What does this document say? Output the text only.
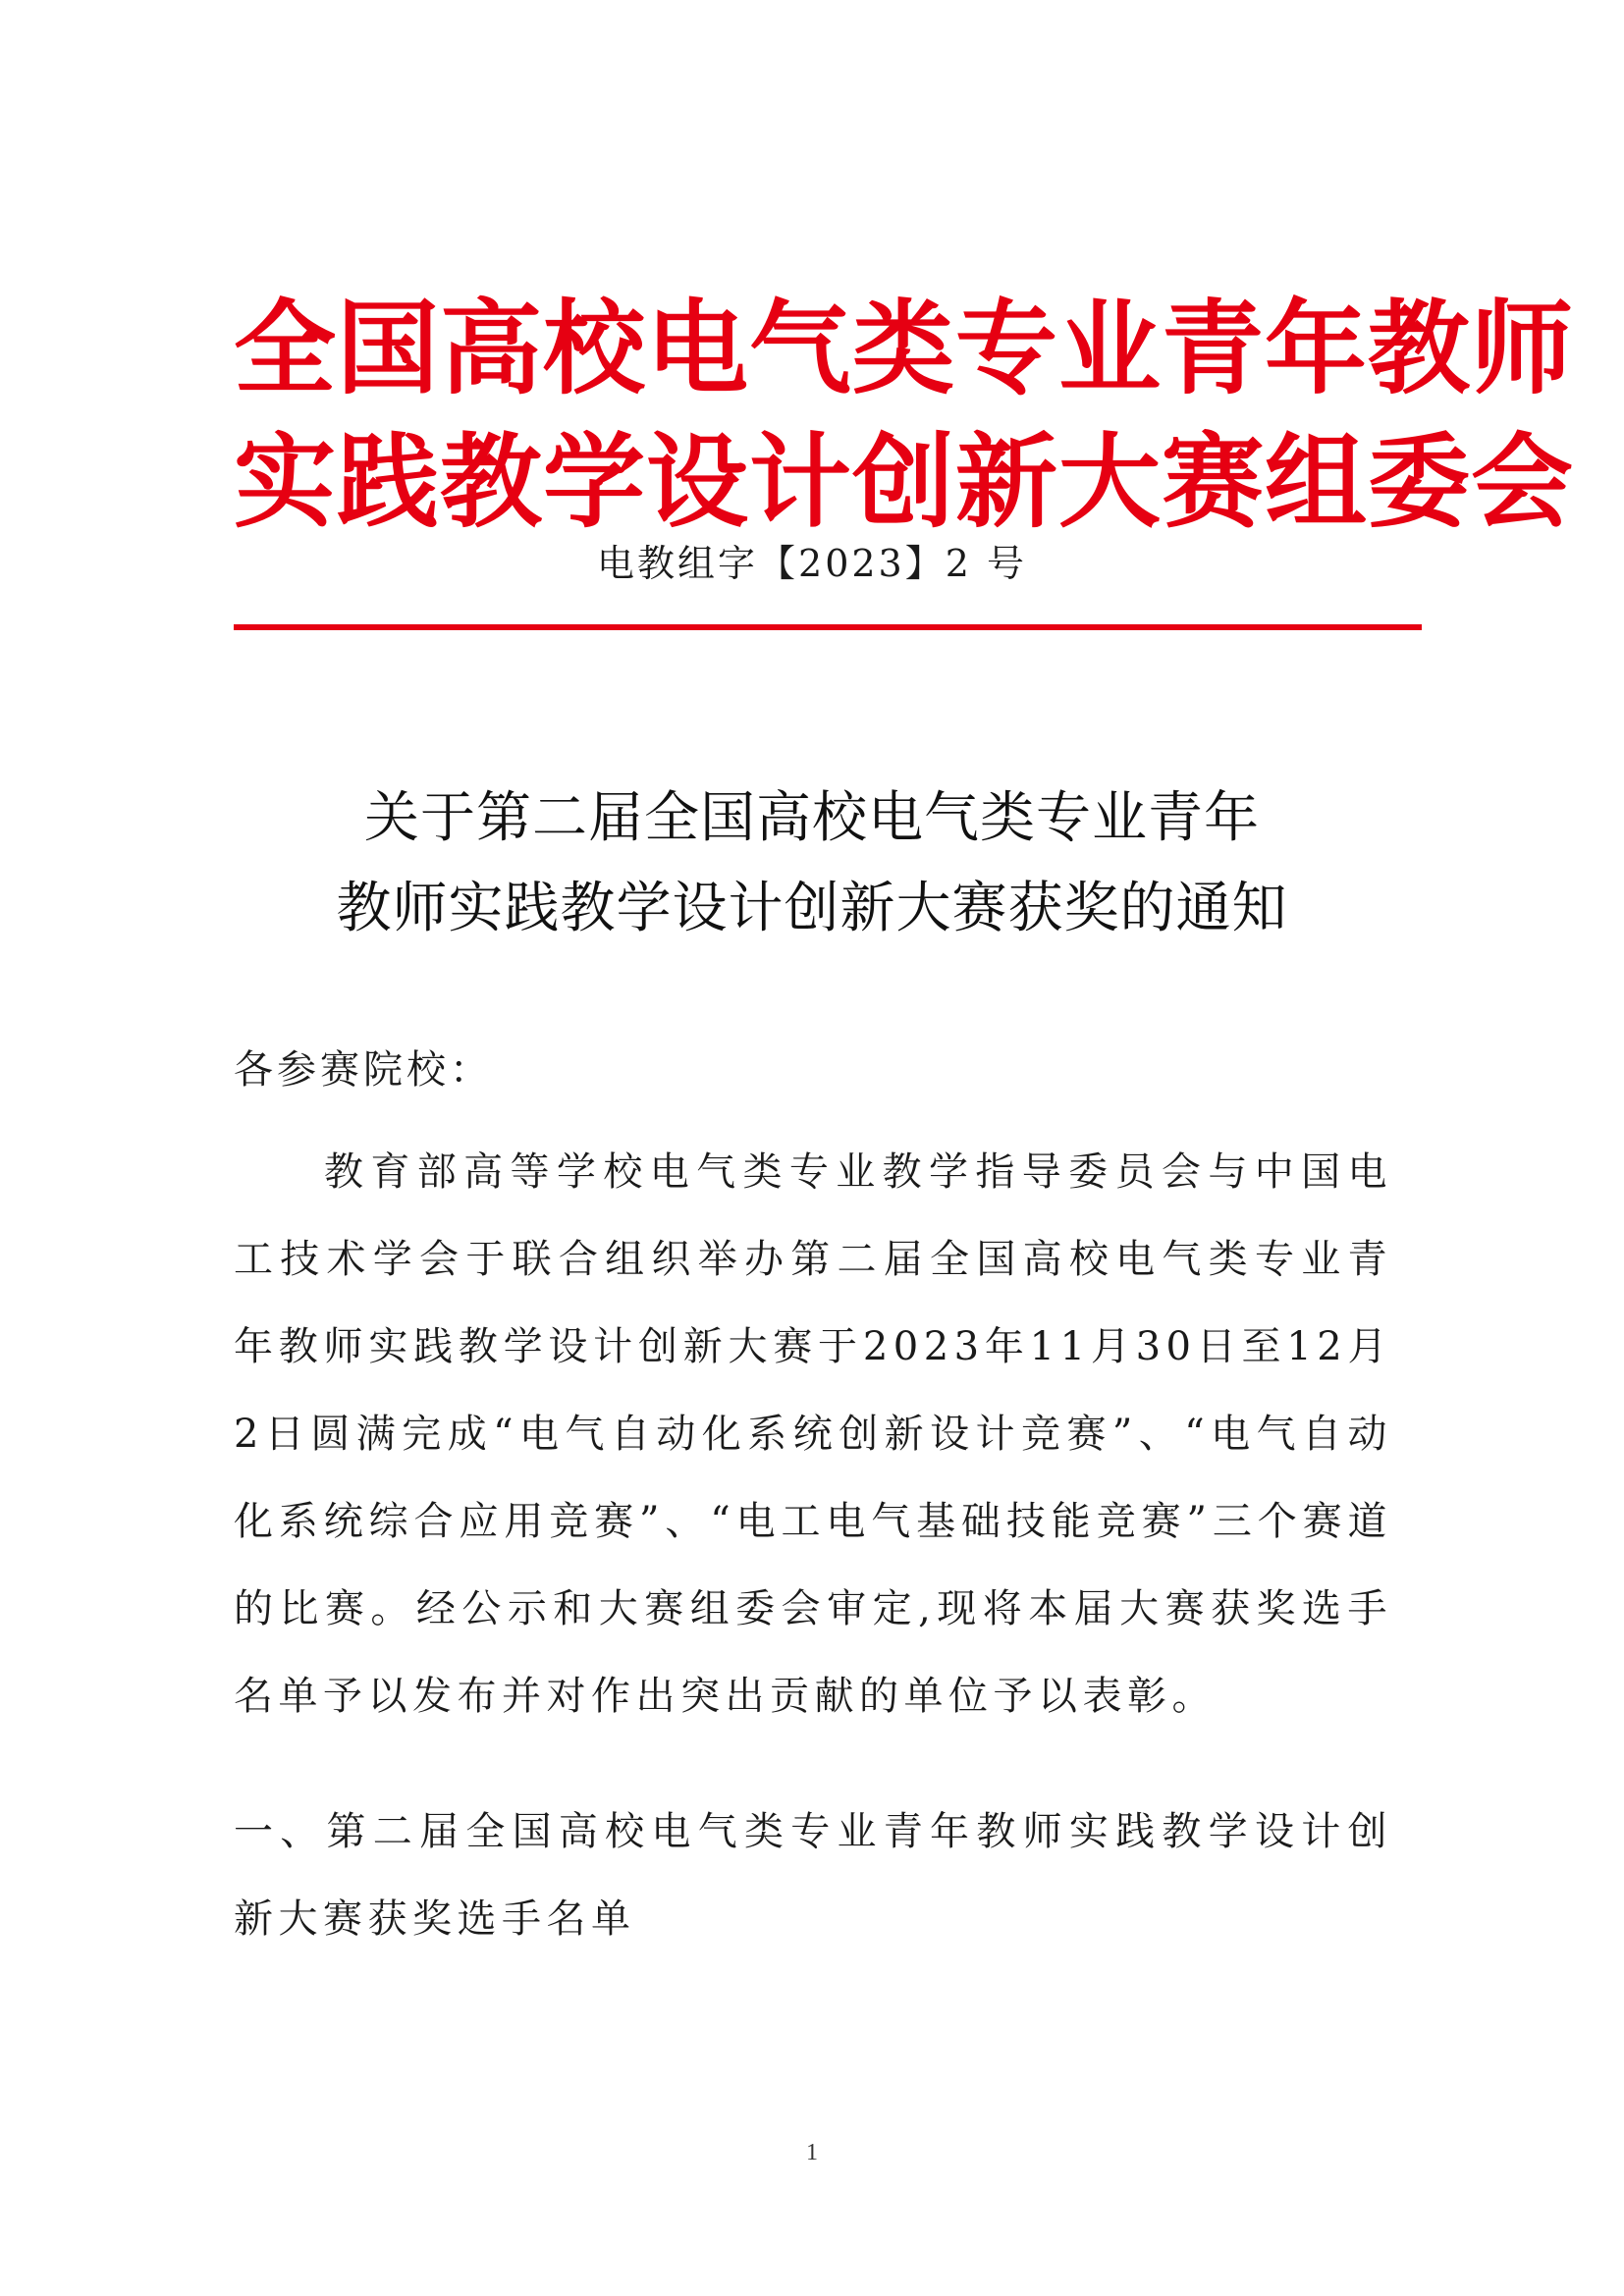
全国高校电气类专业青年教师
实践教学设计创新大赛组委会
电教组字【2023】2 号
关于第二届全国高校电气类专业青年
教师实践教学设计创新大赛获奖的通知
各参赛院校：
教育部高等学校电气类专业教学指导委员会与中国电工技术学会于联合组织举办第二届全国高校电气类专业青年教师实践教学设计创新大赛于2023年11月30日至12月2日圆满完成“电气自动化系统创新设计竞赛”、“电气自动化系统综合应用竞赛”、“电工电气基础技能竞赛”三个赛道的比赛。经公示和大赛组委会审定,现将本届大赛获奖选手名单予以发布并对作出突出贡献的单位予以表彰。
一、第二届全国高校电气类专业青年教师实践教学设计创新大赛获奖选手名单
1
